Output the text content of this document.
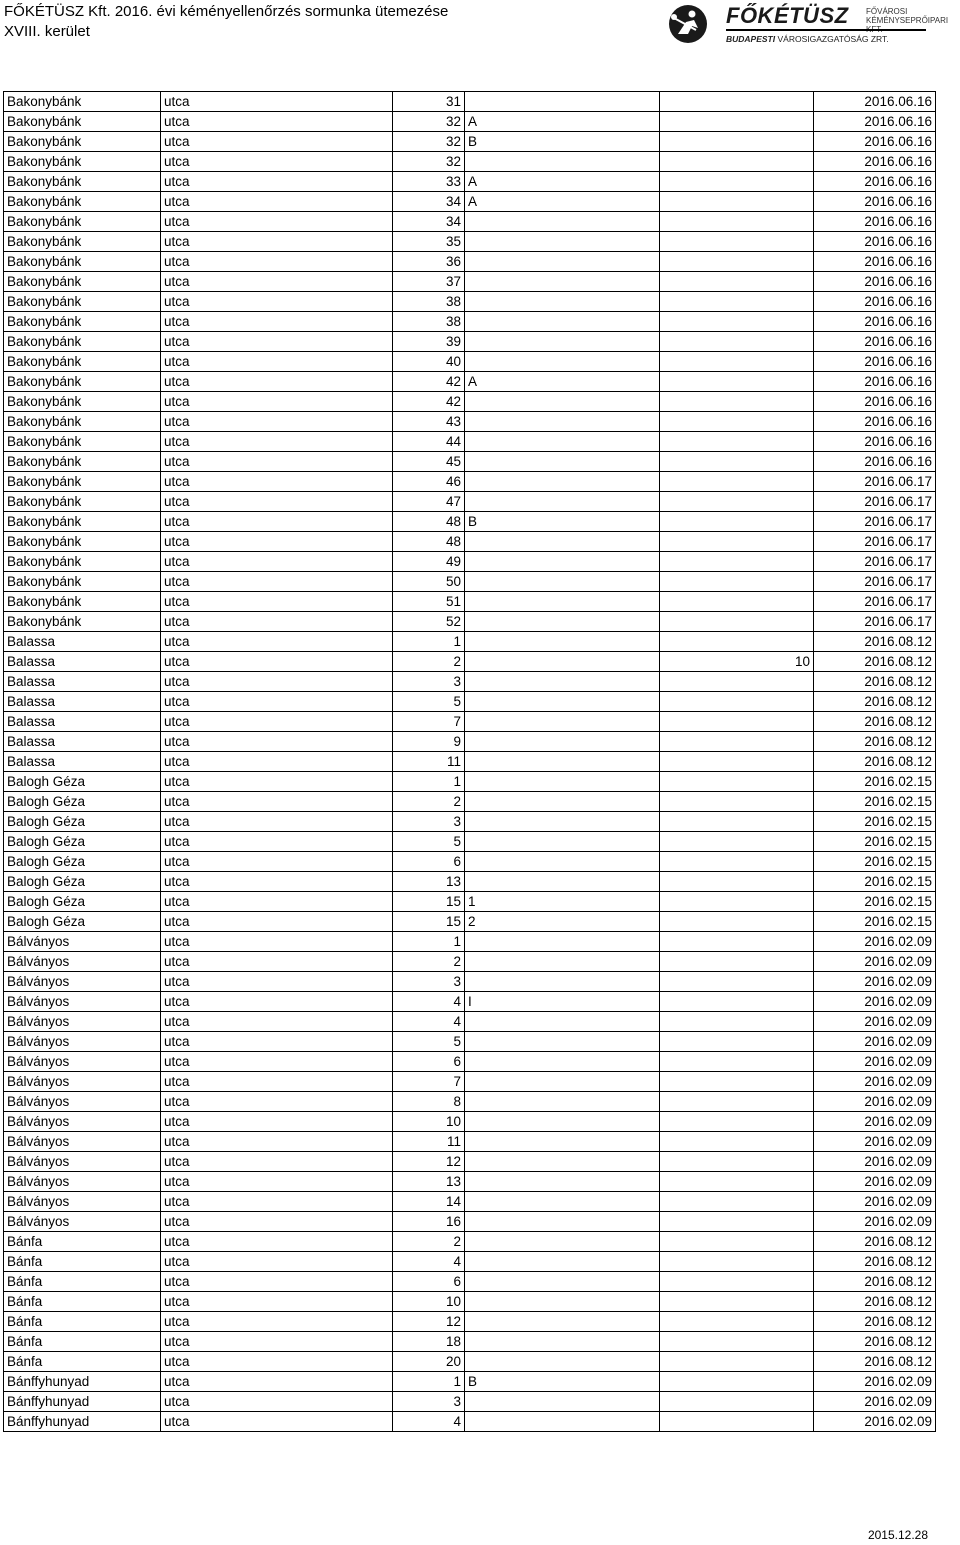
FŐKÉTÜSZ Kft. 2016. évi kéményellenőrzés sormunka ütemezése
XVIII. kerület
FŐKÉTÜSZ FŐVÁROSI
KÉMÉNYSEPRŐIPARI
BUDAPESTI VÁROSIGAZGATÓSÁG ZRT.
Bakonybánk	utca	31			2016.06.16
Bakonybánk	utca	32	A		2016.06.16
Bakonybánk	utca	32	B		2016.06.16
Bakonybánk	utca	32			2016.06.16
Bakonybánk	utca	33	A		2016.06.16
Bakonybánk	utca	34	A		2016.06.16
Bakonybánk	utca	34			2016.06.16
Bakonybánk	utca	35			2016.06.16
Bakonybánk	utca	36			2016.06.16
Bakonybánk	utca	37			2016.06.16
Bakonybánk	utca	38			2016.06.16
Bakonybánk	utca	38			2016.06.16
Bakonybánk	utca	39			2016.06.16
Bakonybánk	utca	40			2016.06.16
Bakonybánk	utca	42	A		2016.06.16
Bakonybánk	utca	42			2016.06.16
Bakonybánk	utca	43			2016.06.16
Bakonybánk	utca	44			2016.06.16
Bakonybánk	utca	45			2016.06.16
Bakonybánk	utca	46			2016.06.17
Bakonybánk	utca	47			2016.06.17
Bakonybánk	utca	48	B		2016.06.17
Bakonybánk	utca	48			2016.06.17
Bakonybánk	utca	49			2016.06.17
Bakonybánk	utca	50			2016.06.17
Bakonybánk	utca	51			2016.06.17
Bakonybánk	utca	52			2016.06.17
Balassa	utca	1			2016.08.12
Balassa	utca	2		10	2016.08.12
Balassa	utca	3			2016.08.12
Balassa	utca	5			2016.08.12
Balassa	utca	7			2016.08.12
Balassa	utca	9			2016.08.12
Balassa	utca	11			2016.08.12
Balogh Géza	utca	1			2016.02.15
Balogh Géza	utca	2			2016.02.15
Balogh Géza	utca	3			2016.02.15
Balogh Géza	utca	5			2016.02.15
Balogh Géza	utca	6			2016.02.15
Balogh Géza	utca	13			2016.02.15
Balogh Géza	utca	15	1		2016.02.15
Balogh Géza	utca	15	2		2016.02.15
Bálványos	utca	1			2016.02.09
Bálványos	utca	2			2016.02.09
Bálványos	utca	3			2016.02.09
Bálványos	utca	4	I		2016.02.09
Bálványos	utca	4			2016.02.09
Bálványos	utca	5			2016.02.09
Bálványos	utca	6			2016.02.09
Bálványos	utca	7			2016.02.09
Bálványos	utca	8			2016.02.09
Bálványos	utca	10			2016.02.09
Bálványos	utca	11			2016.02.09
Bálványos	utca	12			2016.02.09
Bálványos	utca	13			2016.02.09
Bálványos	utca	14			2016.02.09
Bálványos	utca	16			2016.02.09
Bánfa	utca	2			2016.08.12
Bánfa	utca	4			2016.08.12
Bánfa	utca	6			2016.08.12
Bánfa	utca	10			2016.08.12
Bánfa	utca	12			2016.08.12
Bánfa	utca	18			2016.08.12
Bánfa	utca	20			2016.08.12
Bánffyhunyad	utca	1	B		2016.02.09
Bánffyhunyad	utca	3			2016.02.09
Bánffyhunyad	utca	4			2016.02.09
2015.12.28
